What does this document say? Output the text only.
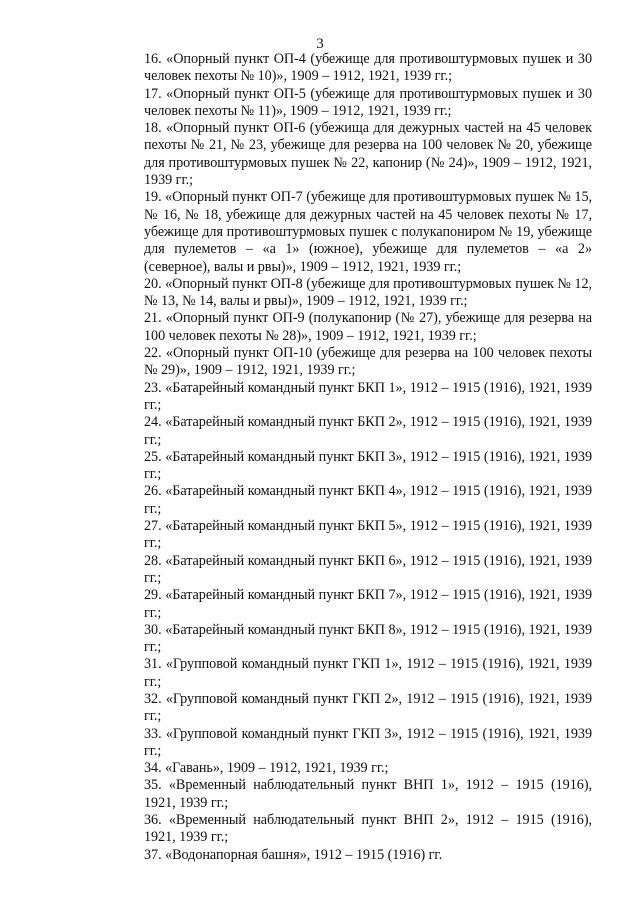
3

16. «Опорный пункт ОП-4 (убежище для противоштурмовых пушек и 30 человек пехоты № 10)», 1909 – 1912, 1921, 1939 гг.;

17. «Опорный пункт ОП-5 (убежище для противоштурмовых пушек и 30 человек пехоты № 11)», 1909 – 1912, 1921, 1939 гг.;

18. «Опорный пункт ОП-6 (убежища для дежурных частей на 45 человек пехоты № 21, № 23, убежище для резерва на 100 человек № 20, убежище для противоштурмовых пушек № 22, капонир (№ 24)», 1909 – 1912, 1921, 1939 гг.;

19. «Опорный пункт ОП-7 (убежище для противоштурмовых пушек № 15, № 16, № 18, убежище для дежурных частей на 45 человек пехоты № 17, убежище для противоштурмовых пушек с полукапониром № 19, убежище для пулеметов – «а 1» (южное), убежище для пулеметов – «а 2» (северное), валы и рвы)», 1909 – 1912, 1921, 1939 гг.;

20. «Опорный пункт ОП-8 (убежище для противоштурмовых пушек № 12, № 13, № 14, валы и рвы)», 1909 – 1912, 1921, 1939 гг.;

21. «Опорный пункт ОП-9 (полукапонир (№ 27), убежище для резерва на 100 человек пехоты № 28)», 1909 – 1912, 1921, 1939 гг.;

22. «Опорный пункт ОП-10 (убежище для резерва на 100 человек пехоты № 29)», 1909 – 1912, 1921, 1939 гг.;

23. «Батарейный командный пункт БКП 1», 1912 – 1915 (1916), 1921, 1939 гг.;

24. «Батарейный командный пункт БКП 2», 1912 – 1915 (1916), 1921, 1939 гг.;

25. «Батарейный командный пункт БКП 3», 1912 – 1915 (1916), 1921, 1939 гг.;

26. «Батарейный командный пункт БКП 4», 1912 – 1915 (1916), 1921, 1939 гг.;

27. «Батарейный командный пункт БКП 5», 1912 – 1915 (1916), 1921, 1939 гг.;

28. «Батарейный командный пункт БКП 6», 1912 – 1915 (1916), 1921, 1939 гг.;

29. «Батарейный командный пункт БКП 7», 1912 – 1915 (1916), 1921, 1939 гг.;

30. «Батарейный командный пункт БКП 8», 1912 – 1915 (1916), 1921, 1939 гг.;

31. «Групповой командный пункт ГКП 1», 1912 – 1915 (1916), 1921, 1939 гг.;

32. «Групповой командный пункт ГКП 2», 1912 – 1915 (1916), 1921, 1939 гг.;

33. «Групповой командный пункт ГКП 3», 1912 – 1915 (1916), 1921, 1939 гг.;

34. «Гавань», 1909 – 1912, 1921, 1939 гг.;

35. «Временный наблюдательный пункт ВНП 1», 1912 – 1915 (1916), 1921, 1939 гг.;

36. «Временный наблюдательный пункт ВНП 2», 1912 – 1915 (1916), 1921, 1939 гг.;

37. «Водонапорная башня», 1912 – 1915 (1916) гг.
